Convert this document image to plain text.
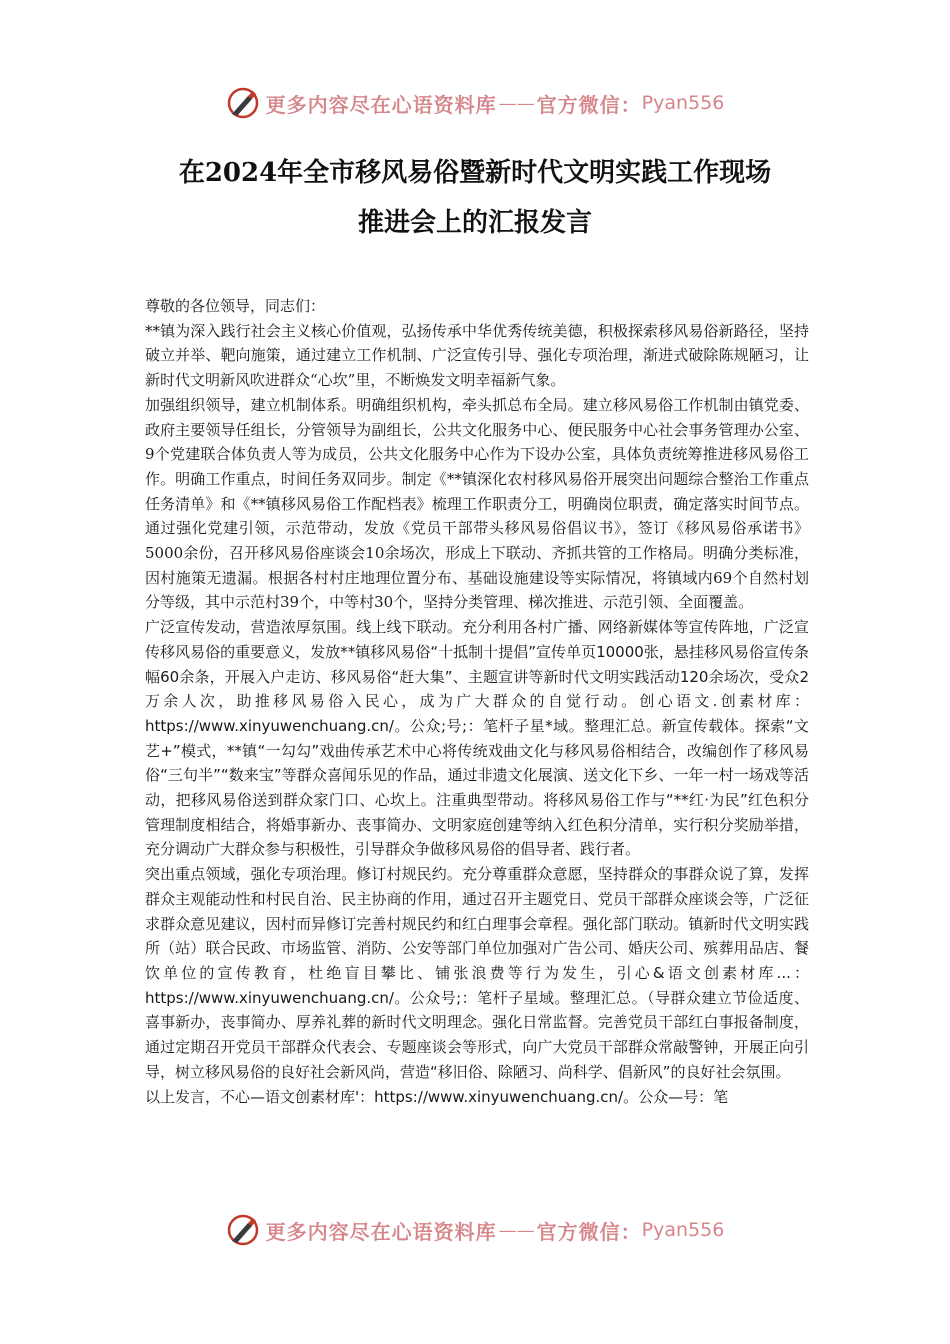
更多内容尽在心语资料库 —— 官方微信： Pyan556
在2024年全市移风易俗暨新时代文明实践工作现场
推进会上的汇报发言

尊敬的各位领导，同志们：

**镇为深入践行社会主义核心价值观，弘扬传承中华优秀传统美德，积极探索移风易俗新路径，坚持破立并举、靶向施策，通过建立工作机制、广泛宣传引导、强化专项治理，渐进式破除陈规陋习，让新时代文明新风吹进群众“心坎”里，不断焕发文明幸福新气象。

加强组织领导，建立机制体系。明确组织机构，牵头抓总布全局。建立移风易俗工作机制由镇党委、政府主要领导任组长，分管领导为副组长，公共文化服务中心、便民服务中心社会事务管理办公室、9个党建联合体负责人等为成员，公共文化服务中心作为下设办公室，具体负责统筹推进移风易俗工作。明确工作重点，时间任务双同步。制定《**镇深化农村移风易俗开展突出问题综合整治工作重点任务清单》和《**镇移风易俗工作配档表》梳理工作职责分工，明确岗位职责，确定落实时间节点。通过强化党建引领，示范带动，发放《党员干部带头移风易俗倡议书》，签订《移风易俗承诺书》5000余份，召开移风易俗座谈会10余场次，形成上下联动、齐抓共管的工作格局。明确分类标准，因村施策无遗漏。根据各村村庄地理位置分布、基础设施建设等实际情况，将镇域内69个自然村划分等级，其中示范村39个，中等村30个，坚持分类管理、梯次推进、示范引领、全面覆盖。

广泛宣传发动，营造浓厚氛围。线上线下联动。充分利用各村广播、网络新媒体等宣传阵地，广泛宣传移风易俗的重要意义，发放**镇移风易俗“十抵制十提倡”宣传单页10000张，悬挂移风易俗宣传条幅60余条，开展入户走访、移风易俗“赶大集”、主题宣讲等新时代文明实践活动120余场次，受众2万余人次，助推移风易俗入民心，成为广大群众的自觉行动。创心语文.创素材库：https://www.xinyuwenchuang.cn/。公众;号;：笔杆子星*域。整理汇总。新宣传载体。探索“文艺+”模式，**镇“一勾勾”戏曲传承艺术中心将传统戏曲文化与移风易俗相结合，改编创作了移风易俗“三句半”“数来宝”等群众喜闻乐见的作品，通过非遗文化展演、送文化下乡、一年一村一场戏等活动，把移风易俗送到群众家门口、心坎上。注重典型带动。将移风易俗工作与“**红·为民”红色积分管理制度相结合，将婚事新办、丧事简办、文明家庭创建等纳入红色积分清单，实行积分奖励举措，充分调动广大群众参与积极性，引导群众争做移风易俗的倡导者、践行者。

突出重点领域，强化专项治理。修订村规民约。充分尊重群众意愿，坚持群众的事群众说了算，发挥群众主观能动性和村民自治、民主协商的作用，通过召开主题党日、党员干部群众座谈会等，广泛征求群众意见建议，因村而异修订完善村规民约和红白理事会章程。强化部门联动。镇新时代文明实践所（站）联合民政、市场监管、消防、公安等部门单位加强对广告公司、婚庆公司、殡葬用品店、餐饮单位的宣传教育，杜绝盲目攀比、铺张浪费等行为发生，引心&语文创素材库...：https://www.xinyuwenchuang.cn/。公众号;：笔杆子星域。整理汇总。（导群众建立节俭适度、喜事新办，丧事简办、厚养礼葬的新时代文明理念。强化日常监督。完善党员干部红白事报备制度，通过定期召开党员干部群众代表会、专题座谈会等形式，向广大党员干部群众常敲警钟，开展正向引导，树立移风易俗的良好社会新风尚，营造“移旧俗、除陋习、尚科学、倡新风”的良好社会氛围。

以上发言，不心—语文创素材库'：https://www.xinyuwenchuang.cn/。公众—号：笔

更多内容尽在心语资料库 —— 官方微信： Pyan556
